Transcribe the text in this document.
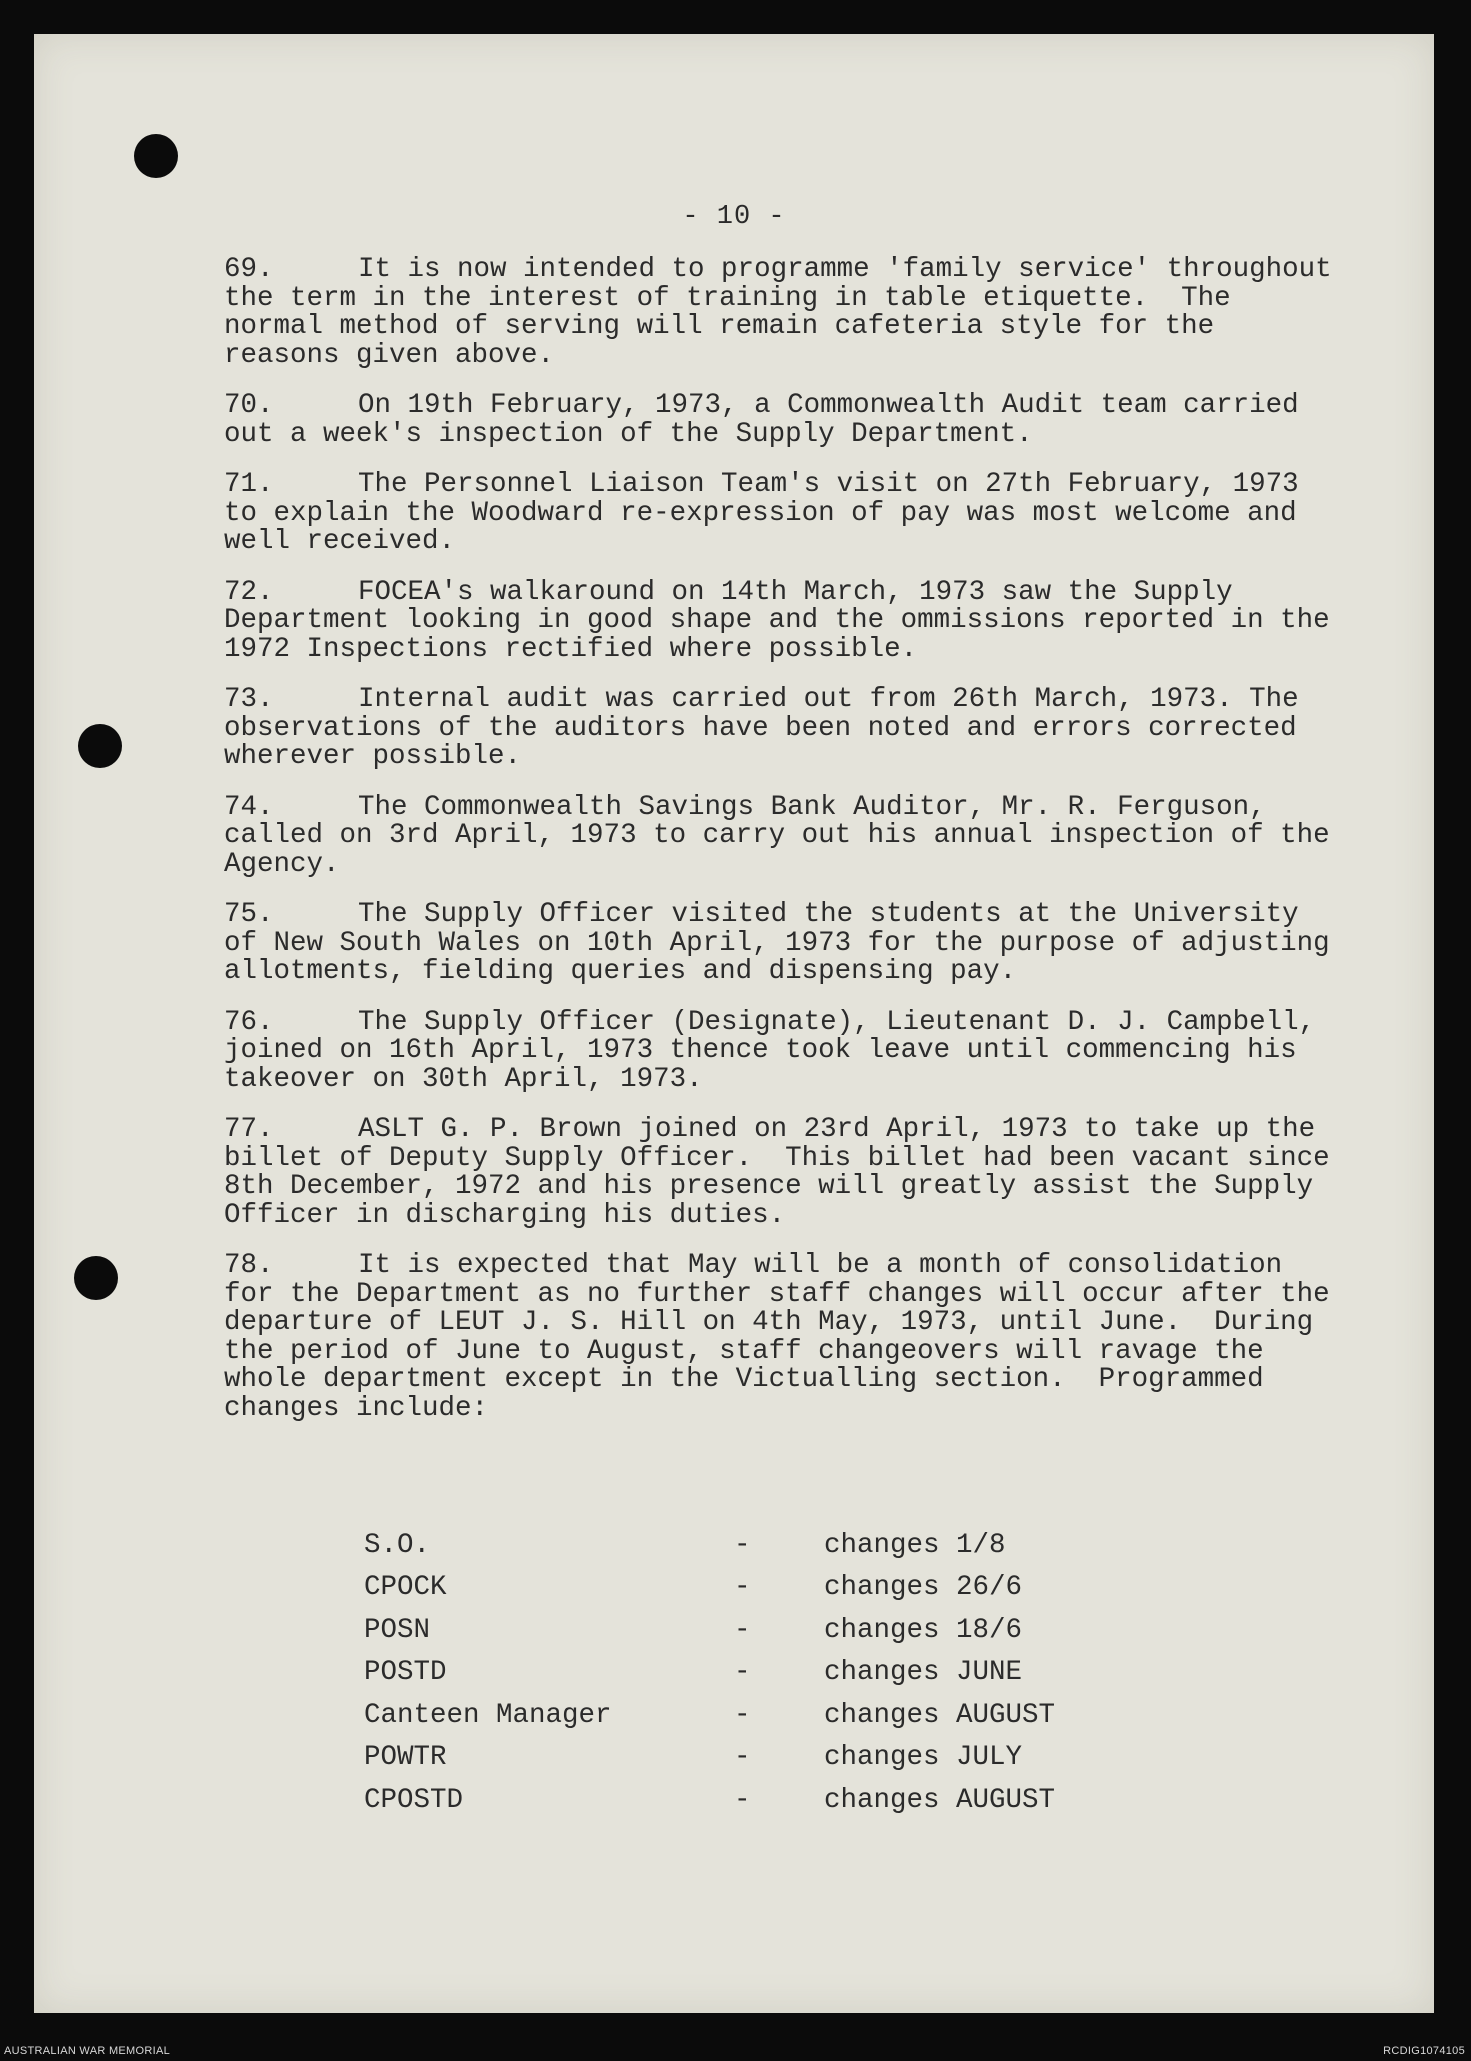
- 10 -

69.	It is now intended to programme 'family service' throughout the term in the interest of training in table etiquette.  The normal method of serving will remain cafeteria style for the reasons given above.

70.	On 19th February, 1973, a Commonwealth Audit team carried out a week's inspection of the Supply Department.

71.	The Personnel Liaison Team's visit on 27th February, 1973 to explain the Woodward re-expression of pay was most welcome and well received.

72.	FOCEA's walkaround on 14th March, 1973 saw the Supply Department looking in good shape and the ommissions reported in the 1972 Inspections rectified where possible.

73.	Internal audit was carried out from 26th March, 1973. The observations of the auditors have been noted and errors corrected wherever possible.

74.	The Commonwealth Savings Bank Auditor, Mr. R. Ferguson, called on 3rd April, 1973 to carry out his annual inspection of the Agency.

75.	The Supply Officer visited the students at the University of New South Wales on 10th April, 1973 for the purpose of adjusting allotments, fielding queries and dispensing pay.

76.	The Supply Officer (Designate), Lieutenant D. J. Campbell, joined on 16th April, 1973 thence took leave until commencing his takeover on 30th April, 1973.

77.	ASLT G. P. Brown joined on 23rd April, 1973 to take up the billet of Deputy Supply Officer.  This billet had been vacant since 8th December, 1972 and his presence will greatly assist the Supply Officer in discharging his duties.

78.	It is expected that May will be a month of consolidation for the Department as no further staff changes will occur after the departure of LEUT J. S. Hill on 4th May, 1973, until June.  During the period of June to August, staff changeovers will ravage the whole department except in the Victualling section.  Programmed changes include:

S.O.	-	changes 1/8
CPOCK	-	changes 26/6
POSN	-	changes 18/6
POSTD	-	changes JUNE
Canteen Manager	-	changes AUGUST
POWTR	-	changes JULY
CPOSTD	-	changes AUGUST
AUSTRALIAN WAR MEMORIAL	RCDIG1074105
